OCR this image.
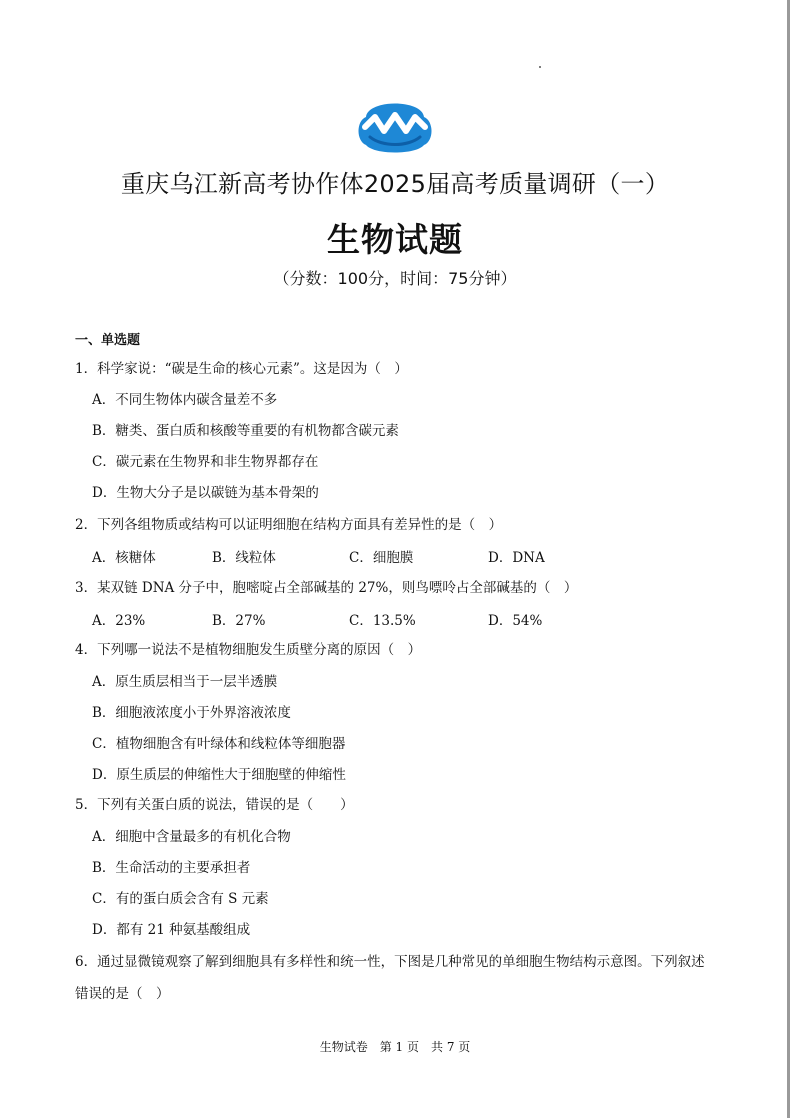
重庆乌江新高考协作体2025届高考质量调研（一）
生物试题

（分数：100分，时间：75分钟）

一、单选题

1．科学家说：“碳是生命的核心元素”。这是因为（　）

A．不同生物体内碳含量差不多

B．糖类、蛋白质和核酸等重要的有机物都含碳元素

C．碳元素在生物界和非生物界都存在

D．生物大分子是以碳链为基本骨架的

2．下列各组物质或结构可以证明细胞在结构方面具有差异性的是（　）

A．核糖体	B．线粒体	C．细胞膜	D．DNA

3．某双链 DNA 分子中，胞嘧啶占全部碱基的 27%，则鸟嘌呤占全部碱基的（　）

A．23%	B．27%	C．13.5%	D．54%

4．下列哪一说法不是植物细胞发生质壁分离的原因（　）

A．原生质层相当于一层半透膜

B．细胞液浓度小于外界溶液浓度

C．植物细胞含有叶绿体和线粒体等细胞器

D．原生质层的伸缩性大于细胞壁的伸缩性

5．下列有关蛋白质的说法，错误的是（　　）

A．细胞中含量最多的有机化合物

B．生命活动的主要承担者

C．有的蛋白质会含有 S 元素

D．都有 21 种氨基酸组成

6．通过显微镜观察了解到细胞具有多样性和统一性，下图是几种常见的单细胞生物结构示意图。下列叙述

错误的是（　）

生物试卷　第 1 页　共 7 页
